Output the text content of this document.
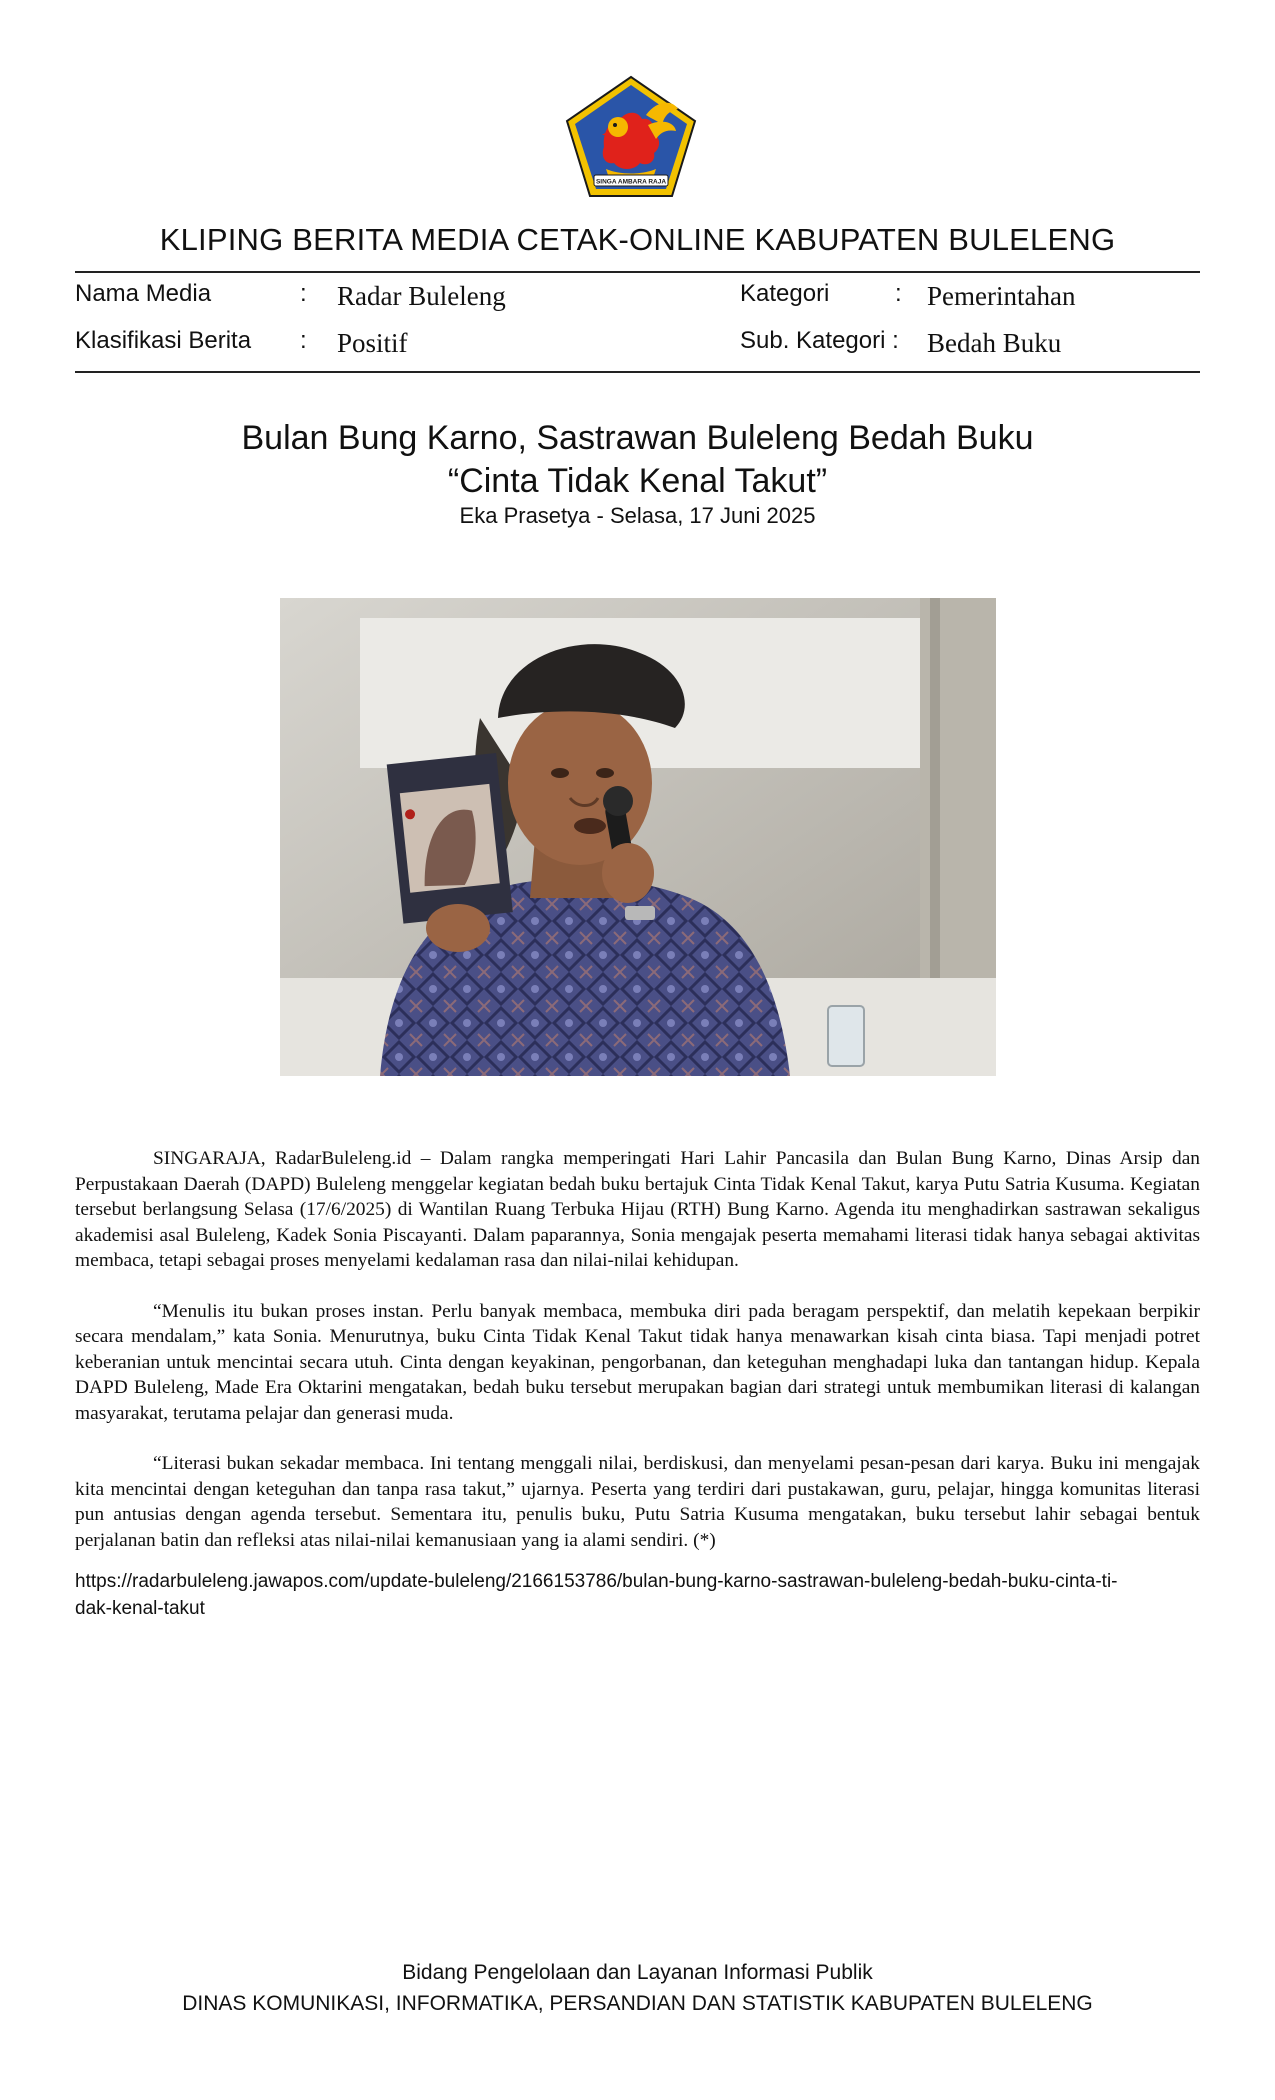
SINGA AMBARA RAJA
KLIPING BERITA MEDIA CETAK-ONLINE KABUPATEN BULELENG
Nama Media	: Radar Buleleng	Kategori	: Pemerintahan
Klasifikasi Berita : Positif	Sub. Kategori : Bedah Buku
Bulan Bung Karno, Sastrawan Buleleng Bedah Buku
“Cinta Tidak Kenal Takut”
Eka Prasetya - Selasa, 17 Juni 2025

SINGARAJA, RadarBuleleng.id – Dalam rangka memperingati Hari Lahir Pancasila dan Bulan Bung Karno, Dinas Arsip dan Perpustakaan Daerah (DAPD) Buleleng menggelar kegiatan bedah buku bertajuk Cinta Tidak Kenal Takut, karya Putu Satria Kusuma. Kegiatan tersebut berlangsung Selasa (17/6/2025) di Wantilan Ruang Terbuka Hijau (RTH) Bung Karno. Agenda itu menghadirkan sastrawan sekaligus akademisi asal Buleleng, Kadek Sonia Piscayanti. Dalam paparannya, Sonia mengajak peserta memahami literasi tidak hanya sebagai aktivitas membaca, tetapi sebagai proses menyelami kedalaman rasa dan nilai-nilai kehidupan.

“Menulis itu bukan proses instan. Perlu banyak membaca, membuka diri pada beragam perspektif, dan melatih kepekaan berpikir secara mendalam,” kata Sonia. Menurutnya, buku Cinta Tidak Kenal Takut tidak hanya menawarkan kisah cinta biasa. Tapi menjadi potret keberanian untuk mencintai secara utuh. Cinta dengan keyakinan, pengorbanan, dan keteguhan menghadapi luka dan tantangan hidup. Kepala DAPD Buleleng, Made Era Oktarini mengatakan, bedah buku tersebut merupakan bagian dari strategi untuk membumikan literasi di kalangan masyarakat, terutama pelajar dan generasi muda.

“Literasi bukan sekadar membaca. Ini tentang menggali nilai, berdiskusi, dan menyelami pesan-pesan dari karya. Buku ini mengajak kita mencintai dengan keteguhan dan tanpa rasa takut,” ujarnya. Peserta yang terdiri dari pustakawan, guru, pelajar, hingga komunitas literasi pun antusias dengan agenda tersebut. Sementara itu, penulis buku, Putu Satria Kusuma mengatakan, buku tersebut lahir sebagai bentuk perjalanan batin dan refleksi atas nilai-nilai kemanusiaan yang ia alami sendiri. (*)

https://radarbuleleng.jawapos.com/update-buleleng/2166153786/bulan-bung-karno-sastrawan-buleleng-bedah-buku-cinta-ti-
dak-kenal-takut
Bidang Pengelolaan dan Layanan Informasi Publik
DINAS KOMUNIKASI, INFORMATIKA, PERSANDIAN DAN STATISTIK KABUPATEN BULELENG
